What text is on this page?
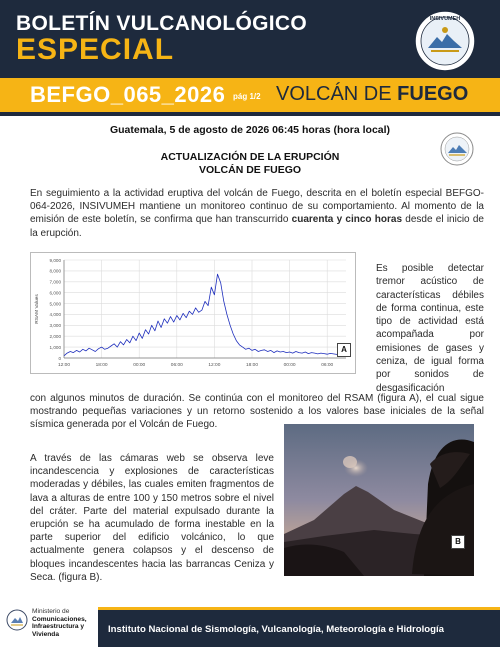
BOLETÍN VULCANOLÓGICO
ESPECIAL
INSIVUMEH
BEFGO_065_2026 pág 1/2 VOLCÁN DE FUEGO
Guatemala, 5 de agosto de 2026 06:45 horas (hora local)
ACTUALIZACIÓN DE LA ERUPCIÓN
VOLCÁN DE FUEGO
En seguimiento a la actividad eruptiva del volcán de Fuego, descrita en el boletín especial BEFGO-064-2026, INSIVUMEH mantiene un monitoreo continuo de su comportamiento. Al momento de la emisión de este boletín, se confirma que han transcurrido cuarenta y cinco horas desde el inicio de la erupción.
0
1,000
2,000
3,000
4,000
5,000
6,000
7,000
8,000
9,000
12:00	18:00	00:00	06:00	12:00	18:00	00:00	06:00
RSAM Values
A
Es posible detectar tremor acústico de características débiles de forma continua, este tipo de actividad está acompañada por emisiones de gases y ceniza, de igual forma por sonidos de desgasificación
con algunos minutos de duración. Se continúa con el monitoreo del RSAM (figura A), el cual sigue mostrando pequeñas variaciones y un retorno sostenido a los valores base iniciales de la señal sísmica generada por el Volcán de Fuego.
A través de las cámaras web se observa leve incandescencia y explosiones de características moderadas y débiles, las cuales emiten fragmentos de lava a alturas de entre 100 y 150 metros sobre el nivel del cráter. Parte del material expulsado durante la erupción se ha acumulado de forma inestable en la parte superior del edificio volcánico, lo que actualmente genera colapsos y el descenso de bloques incandescentes hacia las barrancas Ceniza y Seca. (figura B).
B
Ministerio de
Comunicaciones,
Infraestructura y
Vivienda	Instituto Nacional de Sismología, Vulcanología, Meteorología e Hidrología
